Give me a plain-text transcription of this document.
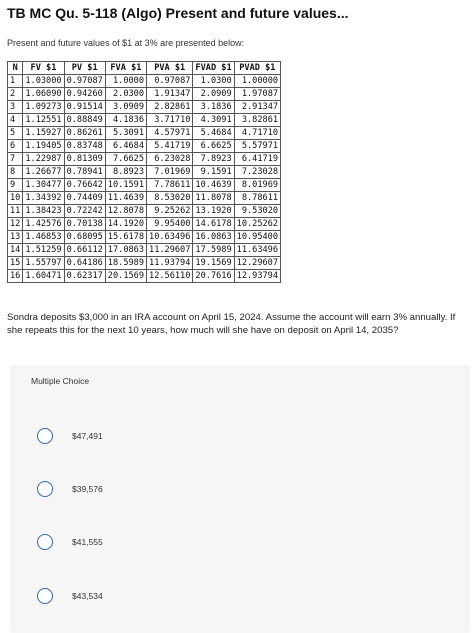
TB MC Qu. 5-118 (Algo) Present and future values...
Present and future values of $1 at 3% are presented below:
N	FV $1	PV $1	FVA $1	PVA $1	FVAD $1	PVAD $1
1	1.03000	0.97087	1.0000	0.97087	1.0300	1.00000
2	1.06090	0.94260	2.0300	1.91347	2.0909	1.97087
3	1.09273	0.91514	3.0909	2.82861	3.1836	2.91347
4	1.12551	0.88849	4.1836	3.71710	4.3091	3.82861
5	1.15927	0.86261	5.3091	4.57971	5.4684	4.71710
6	1.19405	0.83748	6.4684	5.41719	6.6625	5.57971
7	1.22987	0.81309	7.6625	6.23028	7.8923	6.41719
8	1.26677	0.78941	8.8923	7.01969	9.1591	7.23028
9	1.30477	0.76642	10.1591	7.78611	10.4639	8.01969
10	1.34392	0.74409	11.4639	8.53020	11.8078	8.78611
11	1.38423	0.72242	12.8078	9.25262	13.1920	9.53020
12	1.42576	0.70138	14.1920	9.95400	14.6178	10.25262
13	1.46853	0.68095	15.6178	10.63496	16.0863	10.95400
14	1.51259	0.66112	17.0863	11.29607	17.5989	11.63496
15	1.55797	0.64186	18.5989	11.93794	19.1569	12.29607
16	1.60471	0.62317	20.1569	12.56110	20.7616	12.93794
Sondra deposits $3,000 in an IRA account on April 15, 2024. Assume the account will earn 3% annually. If she repeats this for the next 10 years, how much will she have on deposit on April 14, 2035?
Multiple Choice
$47,491
$39,576
$41,555
$43,534
